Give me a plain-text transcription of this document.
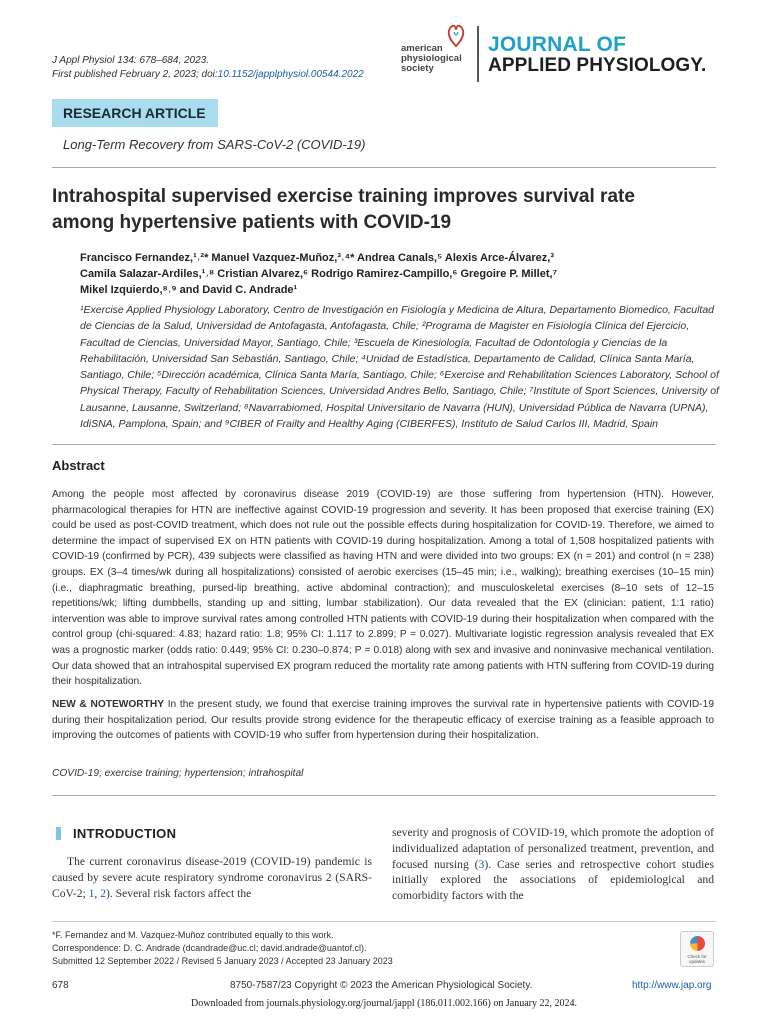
J Appl Physiol 134: 678–684, 2023.
First published February 2, 2023; doi:10.1152/japplphysiol.00544.2022
american
physiological
society
JOURNAL OF
APPLIED PHYSIOLOGY.
RESEARCH ARTICLE
Long-Term Recovery from SARS-CoV-2 (COVID-19)
Intrahospital supervised exercise training improves survival rate among hypertensive patients with COVID-19
Francisco Fernandez,¹˒²* Manuel Vazquez-Muñoz,³˒⁴* Andrea Canals,⁵ Alexis Arce-Álvarez,³
Camila Salazar-Ardiles,¹˒⁸ Cristian Alvarez,⁶ Rodrigo Ramirez-Campillo,⁶ Gregoire P. Millet,⁷
Mikel Izquierdo,⁸˒⁹ and David C. Andrade¹
¹Exercise Applied Physiology Laboratory, Centro de Investigación en Fisiología y Medicina de Altura, Departamento Biomedico, Facultad de Ciencias de la Salud, Universidad de Antofagasta, Antofagasta, Chile; ²Programa de Magister en Fisiología Clínica del Ejercicio, Facultad de Ciencias, Universidad Mayor, Santiago, Chile; ³Escuela de Kinesiología, Facultad de Odontología y Ciencias de la Rehabilitación, Universidad San Sebastián, Santiago, Chile; ⁴Unidad de Estadística, Departamento de Calidad, Clínica Santa María, Santiago, Chile; ⁵Dirección académica, Clínica Santa María, Santiago, Chile; ⁶Exercise and Rehabilitation Sciences Laboratory, School of Physical Therapy, Faculty of Rehabilitation Sciences, Universidad Andres Bello, Santiago, Chile; ⁷Institute of Sport Sciences, University of Lausanne, Lausanne, Switzerland; ⁸Navarrabiomed, Hospital Universitario de Navarra (HUN), Universidad Pública de Navarra (UPNA), IdiSNA, Pamplona, Spain; and ⁹CIBER of Frailty and Healthy Aging (CIBERFES), Instituto de Salud Carlos III, Madrid, Spain
Abstract
Among the people most affected by coronavirus disease 2019 (COVID-19) are those suffering from hypertension (HTN). However, pharmacological therapies for HTN are ineffective against COVID-19 progression and severity. It has been proposed that exercise training (EX) could be used as post-COVID treatment, which does not rule out the possible effects during hospitalization for COVID-19. Therefore, we aimed to determine the impact of supervised EX on HTN patients with COVID-19 during hospitalization. Among a total of 1,508 hospitalized patients with COVID-19 (confirmed by PCR), 439 subjects were classified as having HTN and were divided into two groups: EX (n = 201) and control (n = 238) groups. EX (3–4 times/wk during all hospitalizations) consisted of aerobic exercises (15–45 min; i.e., walking); breathing exercises (10–15 min) (i.e., diaphragmatic breathing, pursed-lip breathing, active abdominal contraction); and musculoskeletal exercises (8–10 sets of 12–15 repetitions/wk; lifting dumbbells, standing up and sitting, lumbar stabilization). Our data revealed that the EX (clinician: patient, 1:1 ratio) intervention was able to improve survival rates among controlled HTN patients with COVID-19 during their hospitalization when compared with the control group (chi-squared: 4.83; hazard ratio: 1.8; 95% CI: 1.117 to 2.899; P = 0.027). Multivariate logistic regression analysis revealed that EX was a prognostic marker (odds ratio: 0.449; 95% CI: 0.230–0.874; P = 0.018) along with sex and invasive and noninvasive mechanical ventilation. Our data showed that an intrahospital supervised EX program reduced the mortality rate among patients with HTN suffering from COVID-19 during their hospitalization.
NEW & NOTEWORTHY In the present study, we found that exercise training improves the survival rate in hypertensive patients with COVID-19 during their hospitalization period. Our results provide strong evidence for the therapeutic efficacy of exercise training as a feasible approach to improving the outcomes of patients with COVID-19 who suffer from hypertension during their hospitalization.
COVID-19; exercise training; hypertension; intrahospital
INTRODUCTION
The current coronavirus disease-2019 (COVID-19) pandemic is caused by severe acute respiratory syndrome coronavirus 2 (SARS-CoV-2; 1, 2). Several risk factors affect the
severity and prognosis of COVID-19, which promote the adoption of individualized adaptation of personalized treatment, prevention, and focused nursing (3). Case series and retrospective cohort studies initially explored the associations of epidemiological and comorbidity factors with the
*F. Fernandez and M. Vazquez-Muñoz contributed equally to this work.
Correspondence: D. C. Andrade (dcandrade@uc.cl; david.andrade@uantof.cl).
Submitted 12 September 2022 / Revised 5 January 2023 / Accepted 23 January 2023	Check for updates
678	8750-7587/23 Copyright © 2023 the American Physiological Society.	http://www.jap.org
Downloaded from journals.physiology.org/journal/jappl (186.011.002.166) on January 22, 2024.
